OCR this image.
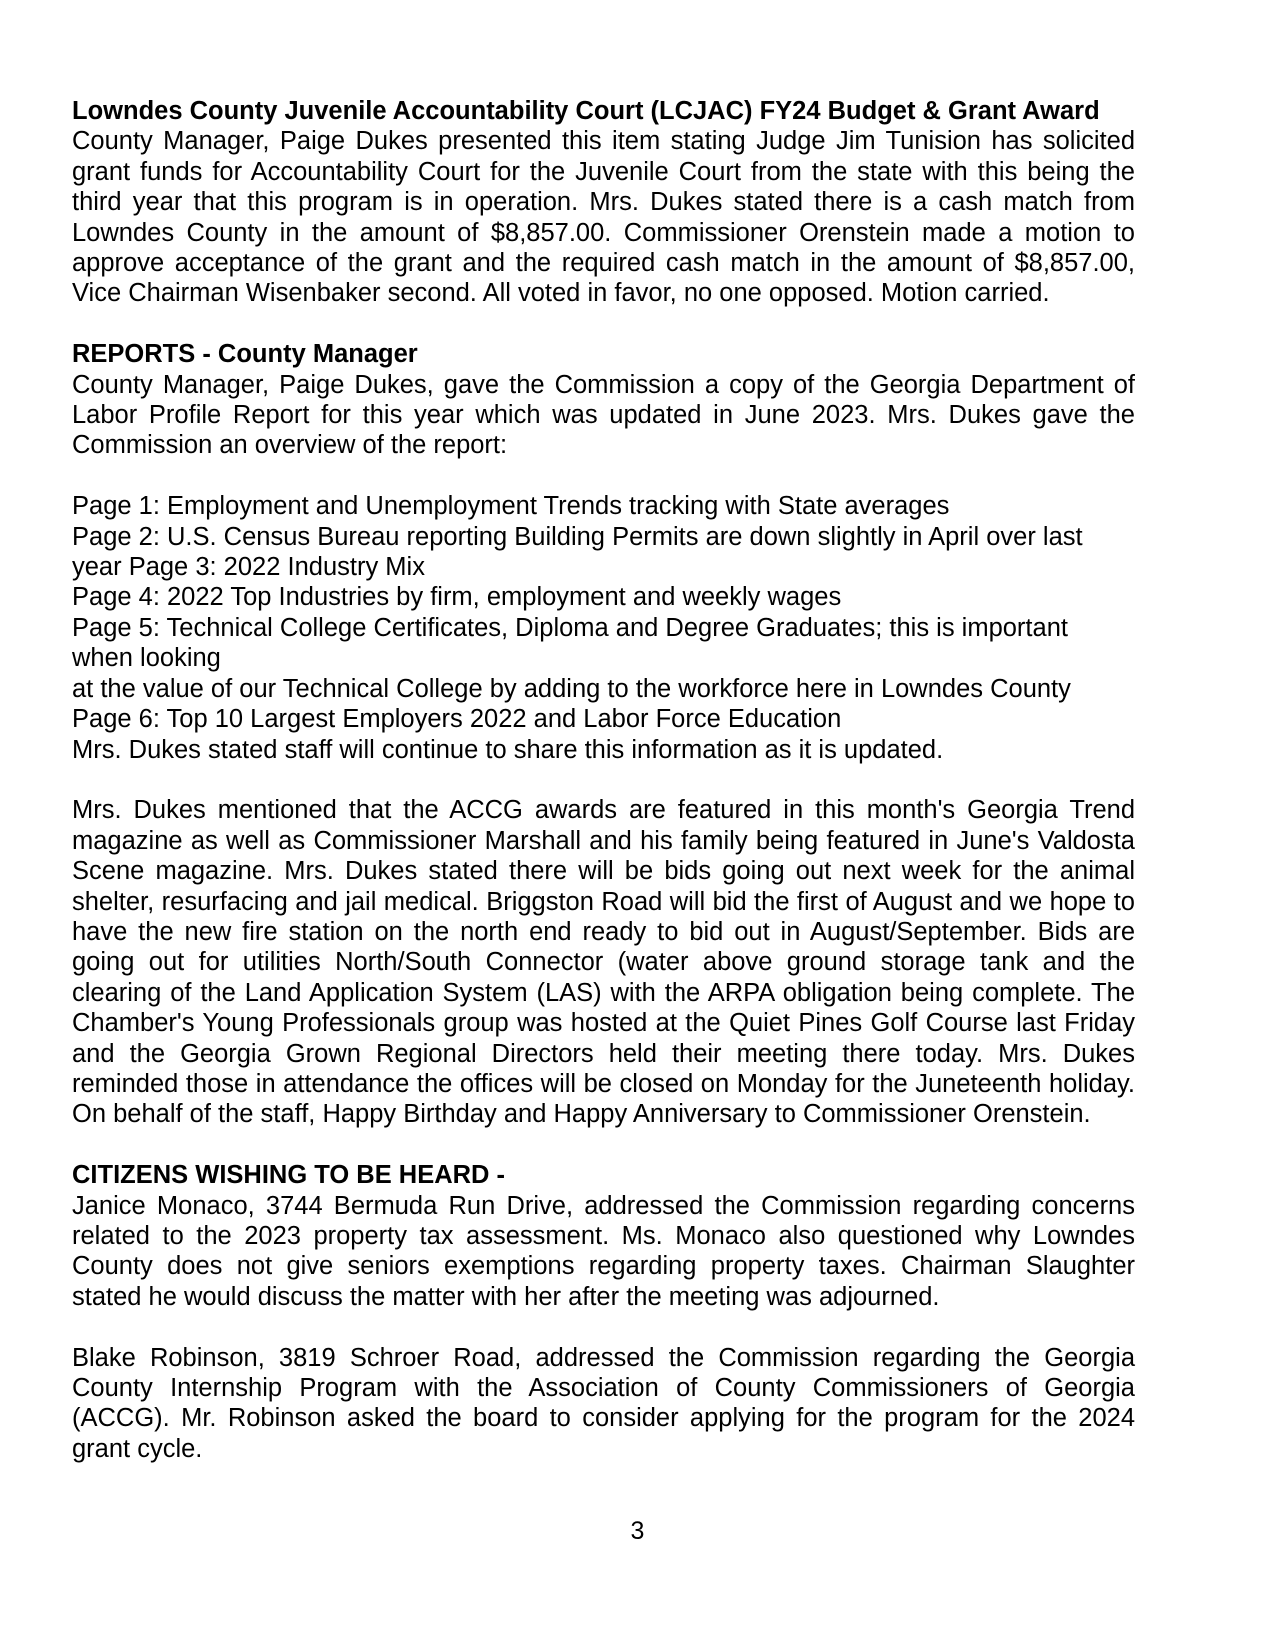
Lowndes County Juvenile Accountability Court (LCJAC) FY24 Budget & Grant Award
County Manager, Paige Dukes presented this item stating Judge Jim Tunision has solicited grant funds for Accountability Court for the Juvenile Court from the state with this being the third year that this program is in operation. Mrs. Dukes stated there is a cash match from Lowndes County in the amount of $8,857.00. Commissioner Orenstein made a motion to approve acceptance of the grant and the required cash match in the amount of $8,857.00, Vice Chairman Wisenbaker second. All voted in favor, no one opposed. Motion carried.
REPORTS - County Manager
County Manager, Paige Dukes, gave the Commission a copy of the Georgia Department of Labor Profile Report for this year which was updated in June 2023. Mrs. Dukes gave the Commission an overview of the report:
Page 1: Employment and Unemployment Trends tracking with State averages
Page 2: U.S. Census Bureau reporting Building Permits are down slightly in April over last
year Page 3: 2022 Industry Mix
Page 4: 2022 Top Industries by firm, employment and weekly wages
Page 5: Technical College Certificates, Diploma and Degree Graduates; this is important when looking
at the value of our Technical College by adding to the workforce here in Lowndes County
Page 6: Top 10 Largest Employers 2022 and Labor Force Education
Mrs. Dukes stated staff will continue to share this information as it is updated.
Mrs. Dukes mentioned that the ACCG awards are featured in this month's Georgia Trend magazine as well as Commissioner Marshall and his family being featured in June's Valdosta Scene magazine. Mrs. Dukes stated there will be bids going out next week for the animal shelter, resurfacing and jail medical. Briggston Road will bid the first of August and we hope to have the new fire station on the north end ready to bid out in August/September. Bids are going out for utilities North/South Connector (water above ground storage tank and the clearing of the Land Application System (LAS) with the ARPA obligation being complete. The Chamber's Young Professionals group was hosted at the Quiet Pines Golf Course last Friday and the Georgia Grown Regional Directors held their meeting there today. Mrs. Dukes reminded those in attendance the offices will be closed on Monday for the Juneteenth holiday. On behalf of the staff, Happy Birthday and Happy Anniversary to Commissioner Orenstein.
CITIZENS WISHING TO BE HEARD -
Janice Monaco, 3744 Bermuda Run Drive, addressed the Commission regarding concerns related to the 2023 property tax assessment. Ms. Monaco also questioned why Lowndes County does not give seniors exemptions regarding property taxes. Chairman Slaughter stated he would discuss the matter with her after the meeting was adjourned.
Blake Robinson, 3819 Schroer Road, addressed the Commission regarding the Georgia County Internship Program with the Association of County Commissioners of Georgia (ACCG). Mr. Robinson asked the board to consider applying for the program for the 2024 grant cycle.
3
